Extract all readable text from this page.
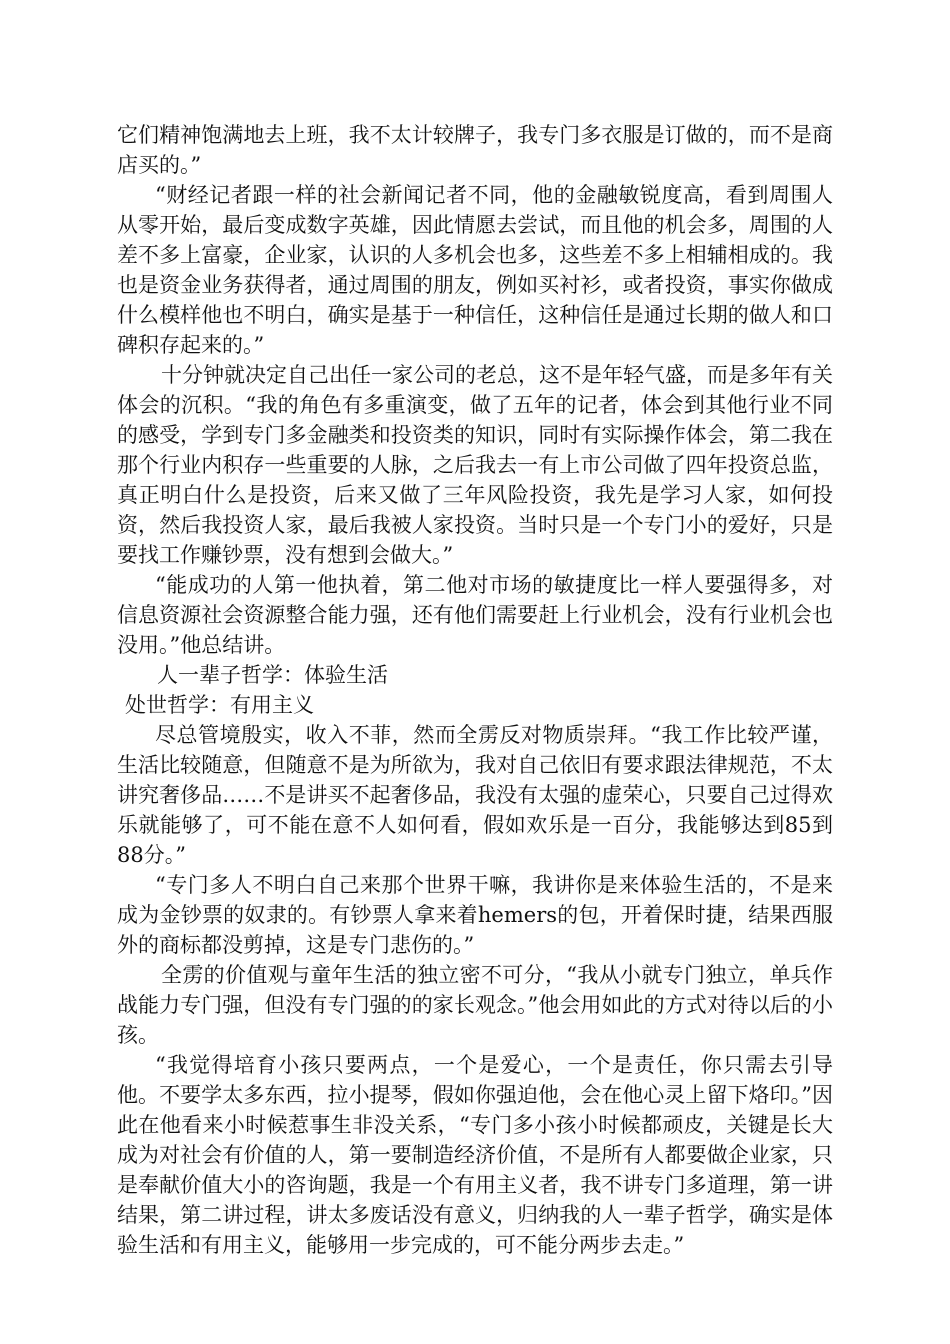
它们精神饱满地去上班，我不太计较牌子，我专门多衣服是订做的，而不是商店买的。”

“财经记者跟一样的社会新闻记者不同，他的金融敏锐度高，看到周围人从零开始，最后变成数字英雄，因此情愿去尝试，而且他的机会多，周围的人差不多上富豪，企业家，认识的人多机会也多，这些差不多上相辅相成的。我也是资金业务获得者，通过周围的朋友，例如买衬衫，或者投资，事实你做成什么模样他也不明白，确实是基于一种信任，这种信任是通过长期的做人和口碑积存起来的。”

十分钟就决定自己出任一家公司的老总，这不是年轻气盛，而是多年有关体会的沉积。“我的角色有多重演变，做了五年的记者，体会到其他行业不同的感受，学到专门多金融类和投资类的知识，同时有实际操作体会，第二我在那个行业内积存一些重要的人脉，之后我去一有上市公司做了四年投资总监，真正明白什么是投资，后来又做了三年风险投资，我先是学习人家，如何投资，然后我投资人家，最后我被人家投资。当时只是一个专门小的爱好，只是要找工作赚钞票，没有想到会做大。”

“能成功的人第一他执着，第二他对市场的敏捷度比一样人要强得多，对信息资源社会资源整合能力强，还有他们需要赶上行业机会，没有行业机会也没用。”他总结讲。

人一辈子哲学：体验生活

处世哲学：有用主义

尽总管境殷实，收入不菲，然而全雳反对物质崇拜。“我工作比较严谨，生活比较随意，但随意不是为所欲为，我对自己依旧有要求跟法律规范，不太讲究奢侈品……不是讲买不起奢侈品，我没有太强的虚荣心，只要自己过得欢乐就能够了，可不能在意不人如何看，假如欢乐是一百分，我能够达到85到88分。”

“专门多人不明白自己来那个世界干嘛，我讲你是来体验生活的，不是来成为金钞票的奴隶的。有钞票人拿来着hemers的包，开着保时捷，结果西服外的商标都没剪掉，这是专门悲伤的。”

全雳的价值观与童年生活的独立密不可分，“我从小就专门独立，单兵作战能力专门强，但没有专门强的的家长观念。”他会用如此的方式对待以后的小孩。

“我觉得培育小孩只要两点，一个是爱心，一个是责任，你只需去引导他。不要学太多东西，拉小提琴，假如你强迫他，会在他心灵上留下烙印。”因此在他看来小时候惹事生非没关系，“专门多小孩小时候都顽皮，关键是长大成为对社会有价值的人，第一要制造经济价值，不是所有人都要做企业家，只是奉献价值大小的咨询题，我是一个有用主义者，我不讲专门多道理，第一讲结果，第二讲过程，讲太多废话没有意义，归纳我的人一辈子哲学，确实是体验生活和有用主义，能够用一步完成的，可不能分两步去走。”
